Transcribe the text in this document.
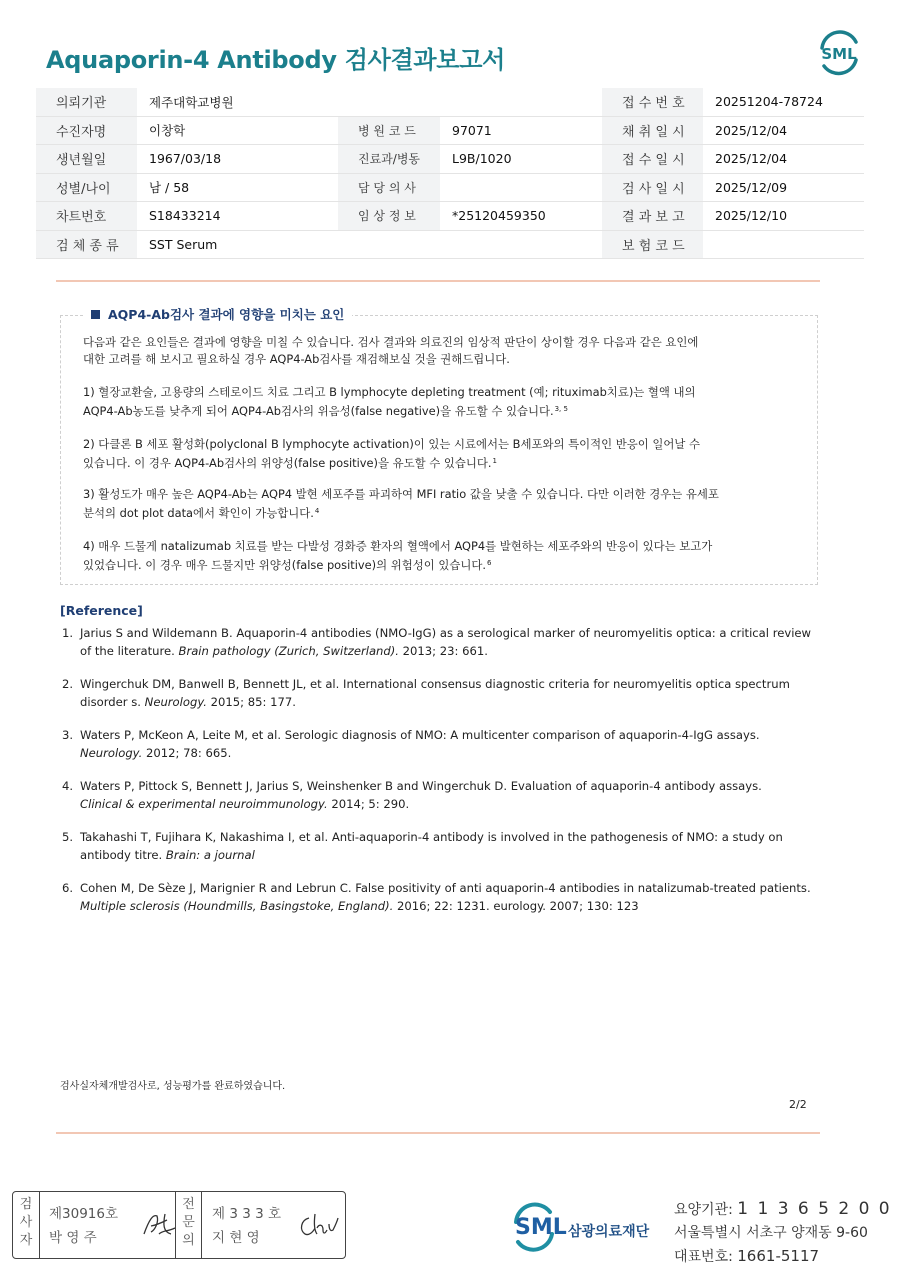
Aquaporin-4 Antibody 검사결과보고서	SML
의뢰기관	제주대학교병원			접 수 번 호	20251204-78724
수진자명	이창학	병 원 코 드	97071	채 취 일 시	2025/12/04
생년월일	1967/03/18	진료과/병동	L9B/1020	접 수 일 시	2025/12/04
성별/나이	남 / 58	담 당 의 사		검 사 일 시	2025/12/09
차트번호	S18433214	임 상 정 보	*25120459350	결 과 보 고	2025/12/10
검 체 종 류	SST Serum			보 험 코 드	
AQP4-Ab검사 결과에 영향을 미치는 요인
다음과 같은 요인들은 결과에 영향을 미칠 수 있습니다. 검사 결과와 의료진의 임상적 판단이 상이할 경우 다음과 같은 요인에
대한 고려를 해 보시고 필요하실 경우 AQP4-Ab검사를 재검해보실 것을 권해드립니다.
1) 혈장교환술, 고용량의 스테로이드 치료 그리고 B lymphocyte depleting treatment (예; rituximab치료)는 혈액 내의
AQP4-Ab농도를 낮추게 되어 AQP4-Ab검사의 위음성(false negative)을 유도할 수 있습니다.$^{3, 5}$
2) 다클론 B 세포 활성화(polyclonal B lymphocyte activation)이 있는 시료에서는 B세포와의 특이적인 반응이 일어날 수
있습니다. 이 경우 AQP4-Ab검사의 위양성(false positive)을 유도할 수 있습니다.$^1$
3) 활성도가 매우 높은 AQP4-Ab는 AQP4 발현 세포주를 파괴하여 MFI ratio 값을 낮출 수 있습니다. 다만 이러한 경우는 유세포
분석의 dot plot data에서 확인이 가능합니다.$^4$
4) 매우 드물게 natalizumab 치료를 받는 다발성 경화증 환자의 혈액에서 AQP4를 발현하는 세포주와의 반응이 있다는 보고가
있었습니다. 이 경우 매우 드물지만 위양성(false positive)의 위험성이 있습니다.$^6$
[Reference]
1. Jarius S and Wildemann B. Aquaporin-4 antibodies (NMO-IgG) as a serological marker of neuromyelitis optica: a critical review
of the literature. Brain pathology (Zurich, Switzerland). 2013; 23: 661.
2. Wingerchuk DM, Banwell B, Bennett JL, et al. International consensus diagnostic criteria for neuromyelitis optica spectrum
disorder s. Neurology. 2015; 85: 177.
3. Waters P, McKeon A, Leite M, et al. Serologic diagnosis of NMO: A multicenter comparison of aquaporin-4-IgG assays.
Neurology. 2012; 78: 665.
4. Waters P, Pittock S, Bennett J, Jarius S, Weinshenker B and Wingerchuk D. Evaluation of aquaporin-4 antibody assays.
Clinical & experimental neuroimmunology. 2014; 5: 290.
5. Takahashi T, Fujihara K, Nakashima I, et al. Anti-aquaporin-4 antibody is involved in the pathogenesis of NMO: a study on
antibody titre. Brain: a journal
6. Cohen M, De Sèze J, Marignier R and Lebrun C. False positivity of anti aquaporin-4 antibodies in natalizumab-treated patients.
Multiple sclerosis (Houndmills, Basingstoke, England). 2016; 22: 1231. eurology. 2007; 130: 123
검사실자체개발검사로, 성능평가를 완료하였습니다.
2/2
검
사
자
제30916호
박 영 주
전
문
의
제 3 3 3 호
지 현 영	SML 삼광의료재단
요양기관: 1 1 3 6 5 2 0 0
서울특별시 서초구 양재동 9-60
대표번호: 1661-5117
